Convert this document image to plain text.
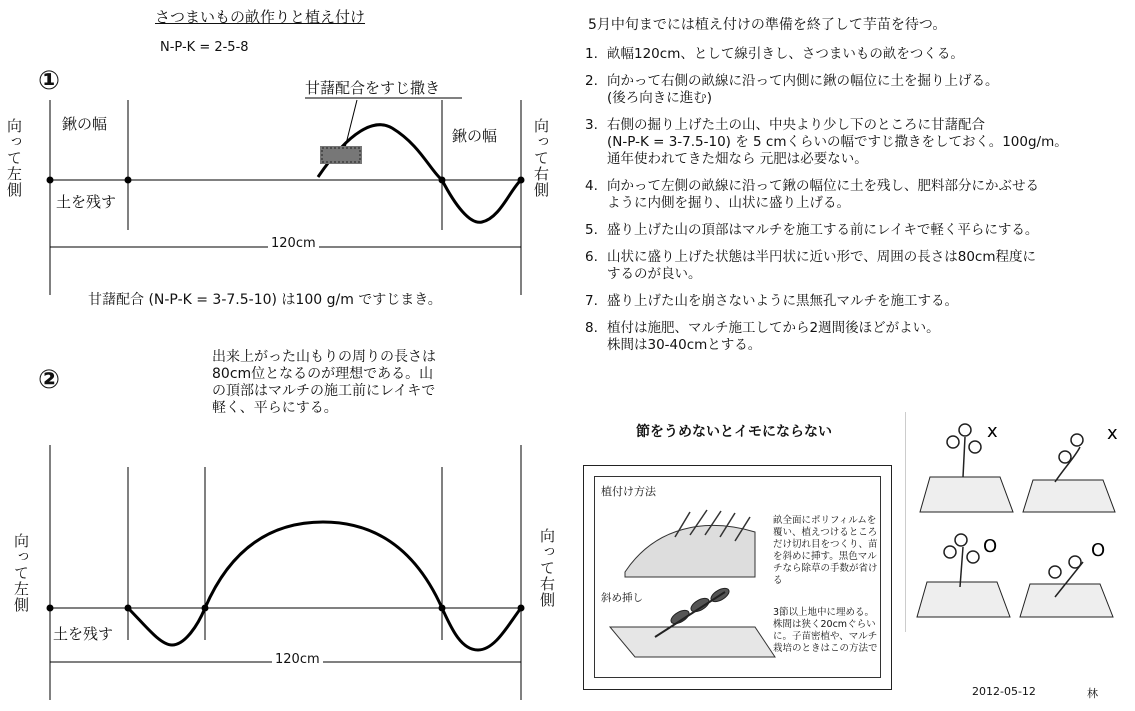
さつまいもの畝作りと植え付け
N-P-K = 2-5-8
①	甘藷配合をすじ撒き
鍬の幅
鍬の幅
向って左側	向って右側
土を残す
120cm
甘藷配合 (N-P-K = 3-7.5-10) は100 g/m ですじまき。
②
出来上がった山もりの周りの長さは80cm位となるのが理想である。山の頂部はマルチの施工前にレイキで軽く、平らにする。
向って左側	向って右側
土を残す
120cm
5月中旬までには植え付けの準備を終了して芋苗を待つ。
1. 畝幅120cm、として線引きし、さつまいもの畝をつくる。
2. 向かって右側の畝線に沿って内側に鍬の幅位に土を掘り上げる。
(後ろ向きに進む)
3. 右側の掘り上げた土の山、中央より少し下のところに甘藷配合
(N-P-K = 3-7.5-10) を 5 cmくらいの幅ですじ撒きをしておく。100g/m。
通年使われてきた畑なら 元肥は必要ない。
4. 向かって左側の畝線に沿って鍬の幅位に土を残し、肥料部分にかぶせる
ように内側を掘り、山状に盛り上げる。
5. 盛り上げた山の頂部はマルチを施工する前にレイキで軽く平らにする。
6. 山状に盛り上げた状態は半円状に近い形で、周囲の長さは80cm程度に
するのが良い。
7. 盛り上げた山を崩さないように黒無孔マルチを施工する。
8. 植付は施肥、マルチ施工してから2週間後ほどがよい。
株間は30-40cmとする。
節をうめないとイモにならない
植付け方法
畝全面にポリフィルムを覆い、植えつけるところだけ切れ目をつくり、苗を斜めに挿す。黒色マルチなら除草の手数が省ける
斜め挿し
3節以上地中に埋める。株間は狭く20cmぐらいに。子苗密植や、マルチ栽培のときはこの方法で
x	x
O	O
2012-05-12	林
